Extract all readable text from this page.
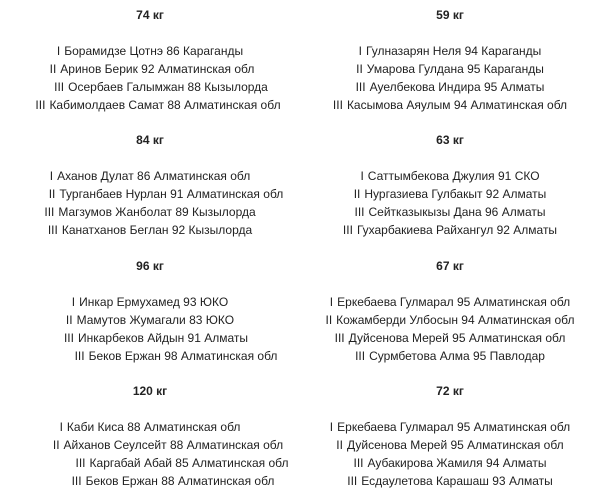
74 кг
I Борамидзе Цотнэ 86 Караганды
II Аринов Берик 92 Алматинская обл
III Осербаев Галымжан 88 Кызылорда
III Кабимолдаев Самат 88 Алматинская обл
59 кг
I Гулназарян Неля 94 Караганды
II Умарова Гулдана 95 Караганды
III Ауелбекова Индира 95 Алматы
III Касымова Аяулым 94 Алматинская обл
84 кг
I Аханов Дулат 86 Алматинская обл
II Турганбаев Нурлан 91 Алматинская обл
III Магзумов Жанболат 89 Кызылорда
III Канатханов Беглан 92 Кызылорда
63 кг
I Саттымбекова Джулия 91 СКО
II Нургазиева Гулбакыт 92 Алматы
III Сейтказыкызы Дана 96 Алматы
III Гухарбакиева Райхангул 92 Алматы
96 кг
I Инкар Ермухамед 93 ЮКО
II Мамутов Жумагали 83 ЮКО
III Инкарбеков Айдын 91 Алматы
III Беков Ержан 98 Алматинская обл
67 кг
I Еркебаева Гулмарал 95 Алматинская обл
II Кожамберди Улбосын 94 Алматинская обл
III Дуйсенова Мерей 95 Алматинская обл
III Сурмбетова Алма 95 Павлодар
120 кг
I Каби Киса 88 Алматинская обл
II Айханов Сеулсейт 88 Алматинская обл
III Каргабай Абай 85 Алматинская обл
III Беков Ержан 88 Алматинская обл
72 кг
I Еркебаева Гулмарал 95 Алматинская обл
II Дуйсенова Мерей 95 Алматинская обл
III Аубакирова Жамиля 94 Алматы
III Есдаулетова Карашаш 93 Алматы
